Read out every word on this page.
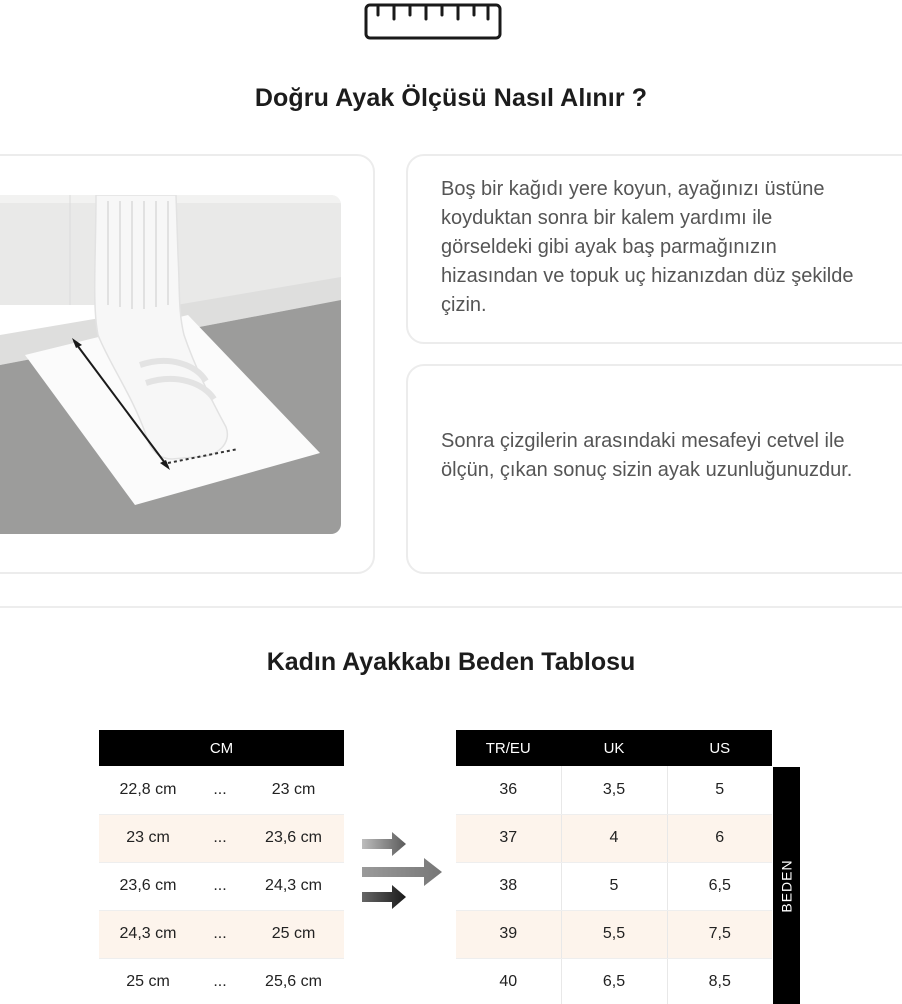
Doğru Ayak Ölçüsü Nasıl Alınır ?

Boş bir kağıdı yere koyun, ayağınızı üstüne koyduktan sonra bir kalem yardımı ile görseldeki gibi ayak baş parmağınızın hizasından ve topuk uç hizanızdan düz şekilde çizin.

Sonra çizgilerin arasındaki mesafeyi cetvel ile ölçün, çıkan sonuç sizin ayak uzunluğunuzdur.

Kadın Ayakkabı Beden Tablosu
CM		
22,8 cm	...	23 cm
23 cm	...	23,6 cm
23,6 cm	...	24,3 cm
24,3 cm	...	25 cm
25 cm	...	25,6 cm
TR/EU	UK	US
36	3,5	5
37	4	6
38	5	6,5
39	5,5	7,5
40	6,5	8,5
BEDEN
